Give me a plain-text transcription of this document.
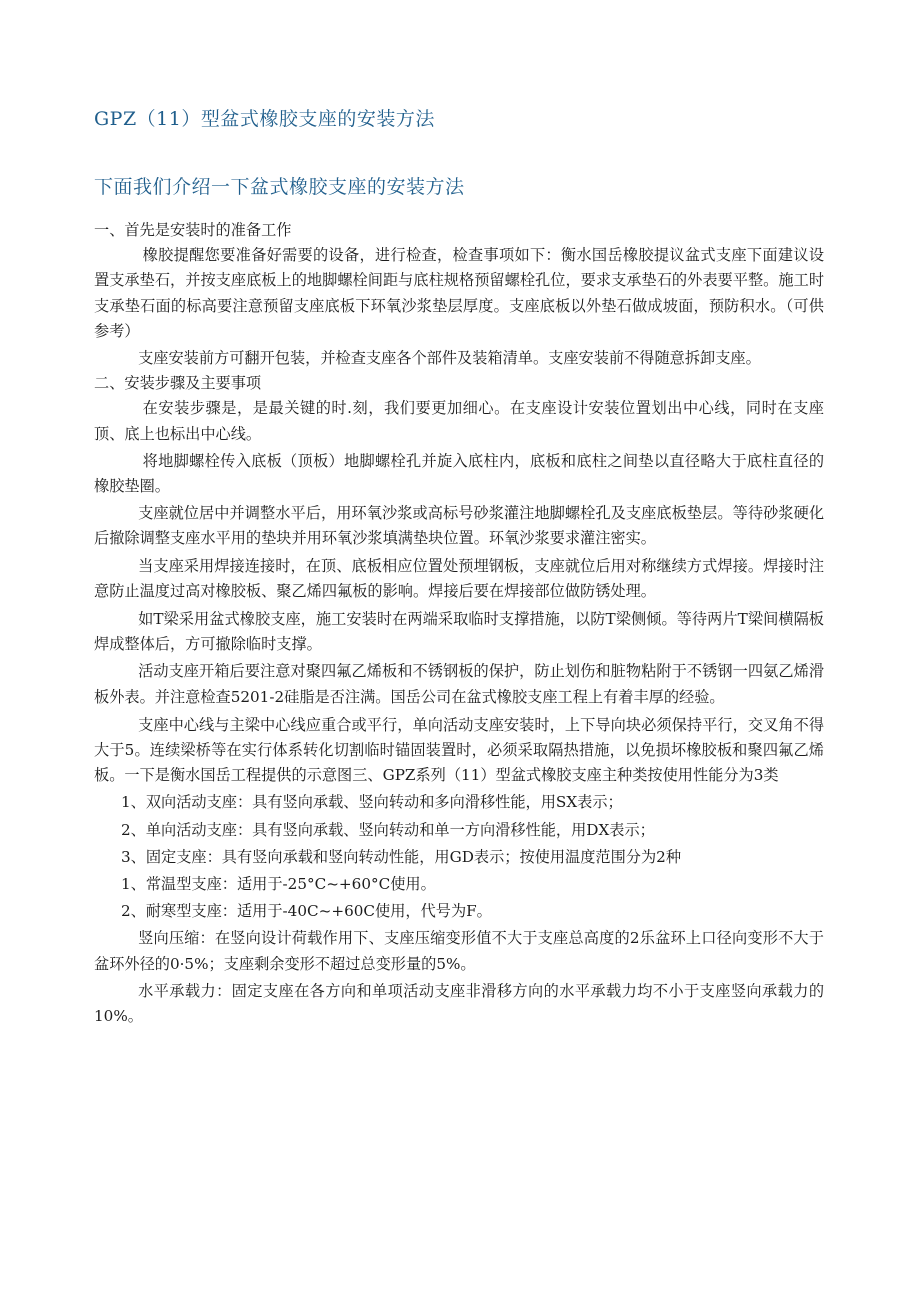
GPZ（11）型盆式橡胶支座的安装方法
下面我们介绍一下盆式橡胶支座的安装方法

一、首先是安装时的准备工作

橡胶提醒您要准备好需要的设备，进行检查，检查事项如下：衡水国岳橡胶提议盆式支座下面建议设置支承垫石，并按支座底板上的地脚螺栓间距与底柱规格预留螺栓孔位，要求支承垫石的外表要平整。施工时支承垫石面的标高要注意预留支座底板下环氧沙浆垫层厚度。支座底板以外垫石做成坡面，预防积水。（可供参考）

支座安装前方可翻开包装，并检查支座各个部件及装箱清单。支座安装前不得随意拆卸支座。

二、安装步骤及主要事项

在安装步骤是，是最关键的时.刻，我们要更加细心。在支座设计安装位置划出中心线，同时在支座顶、底上也标出中心线。

将地脚螺栓传入底板（顶板）地脚螺栓孔并旋入底柱内，底板和底柱之间垫以直径略大于底柱直径的橡胶垫圈。

支座就位居中并调整水平后，用环氧沙浆或高标号砂浆灌注地脚螺栓孔及支座底板垫层。等待砂浆硬化后撤除调整支座水平用的垫块并用环氧沙浆填满垫块位置。环氧沙浆要求灌注密实。

当支座采用焊接连接时，在顶、底板相应位置处预埋钢板，支座就位后用对称继续方式焊接。焊接时注意防止温度过高对橡胶板、聚乙烯四氟板的影响。焊接后要在焊接部位做防锈处理。

如T梁采用盆式橡胶支座，施工安装时在两端采取临时支撑措施，以防T梁侧倾。等待两片T梁间横隔板焊成整体后，方可撤除临时支撑。

活动支座开箱后要注意对聚四氟乙烯板和不锈钢板的保护，防止划伤和脏物粘附于不锈钢一四氨乙烯滑板外表。并注意检查5201-2硅脂是否注满。国岳公司在盆式橡胶支座工程上有着丰厚的经验。

支座中心线与主梁中心线应重合或平行，单向活动支座安装时，上下导向块必须保持平行，交叉角不得大于5。连续梁桥等在实行体系转化切割临时锚固装置时，必须采取隔热措施，以免损坏橡胶板和聚四氟乙烯板。一下是衡水国岳工程提供的示意图三、GPZ系列（11）型盆式橡胶支座主种类按使用性能分为3类

1、双向活动支座：具有竖向承载、竖向转动和多向滑移性能，用SX表示；

2、单向活动支座：具有竖向承载、竖向转动和单一方向滑移性能，用DX表示；

3、固定支座：具有竖向承载和竖向转动性能，用GD表示；按使用温度范围分为2种

1、常温型支座：适用于-25°C~+60°C使用。

2、耐寒型支座：适用于-40C~+60C使用，代号为F。

竖向压缩：在竖向设计荷载作用下、支座压缩变形值不大于支座总高度的2乐盆环上口径向变形不大于盆环外径的0·5%；支座剩余变形不超过总变形量的5%。

水平承载力：固定支座在各方向和单项活动支座非滑移方向的水平承载力均不小于支座竖向承载力的10%。
